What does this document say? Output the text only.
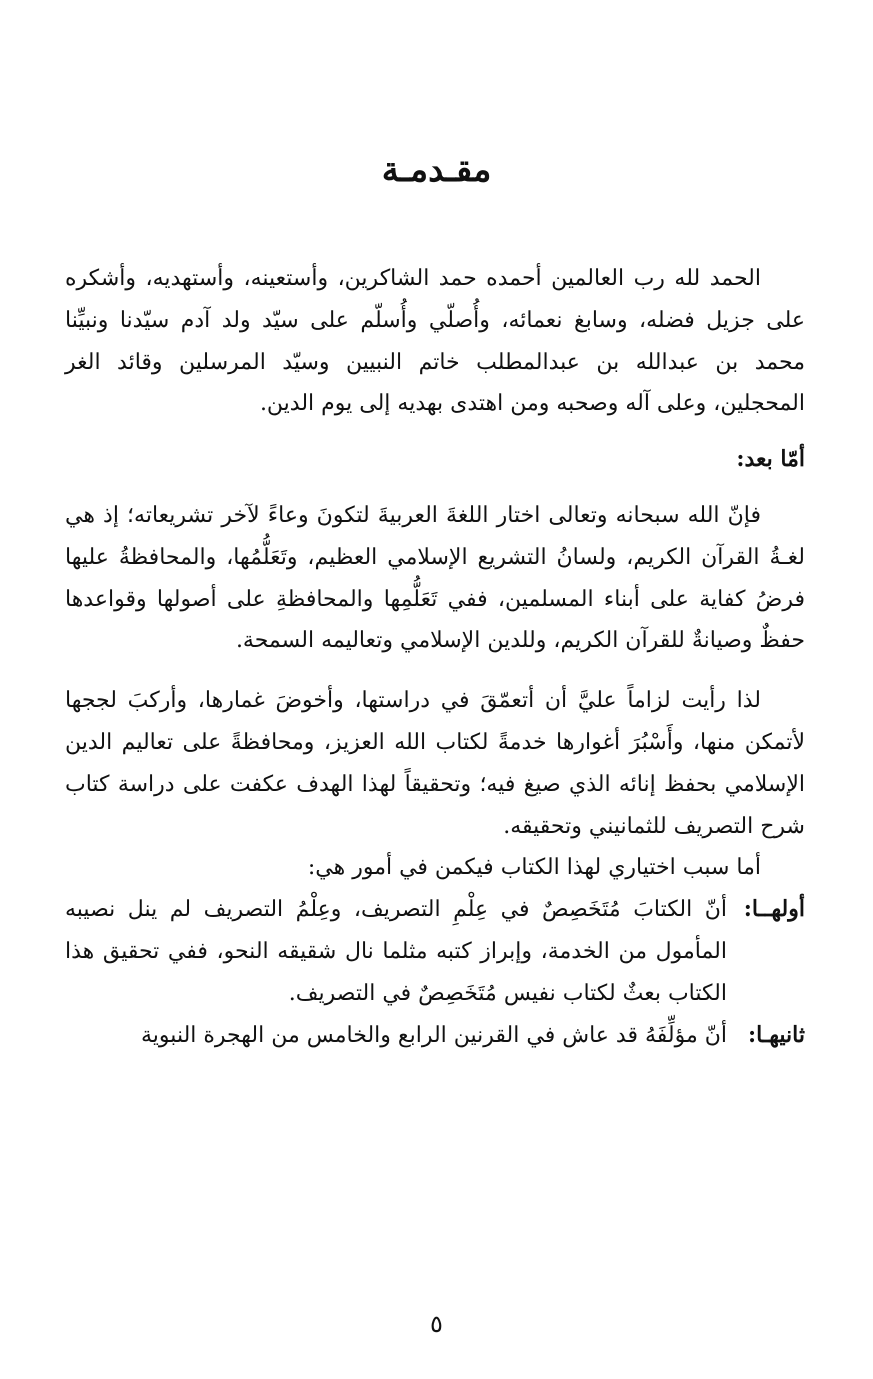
مقـدمـة

الحمد لله رب العالمين أحمده حمد الشاكرين، وأستعينه، وأستهديه، وأشكره على جزيل فضله، وسابغ نعمائه، وأُصلّي وأُسلّم على سيّد ولد آدم سيّدنا ونبيِّنا محمد بن عبدالله بن عبدالمطلب خاتم النبيين وسيّد المرسلين وقائد الغر المحجلين، وعلى آله وصحبه ومن اهتدى بهديه إلى يوم الدين.

أمّا بعد:

فإنّ الله سبحانه وتعالى اختار اللغةَ العربيةَ لتكونَ وعاءً لآخر تشريعاته؛ إذ هي لغـةُ القرآن الكريم، ولسانُ التشريع الإسلامي العظيم، وتَعَلُّمُها، والمحافظةُ عليها فرضُ كفاية على أبناء المسلمين، ففي تَعَلُّمِها والمحافظةِ على أصولها وقواعدها حفظٌ وصيانةٌ للقرآن الكريم، وللدين الإسلامي وتعاليمه السمحة.

لذا رأيت لزاماً عليَّ أن أتعمّقَ في دراستها، وأخوضَ غمارها، وأركبَ لججها لأتمكن منها، وأَسْبُرَ أغوارها خدمةً لكتاب الله العزيز، ومحافظةً على تعاليم الدين الإسلامي بحفظ إنائه الذي صيغ فيه؛ وتحقيقاً لهذا الهدف عكفت على دراسة كتاب شرح التصريف للثمانيني وتحقيقه.

أما سبب اختياري لهذا الكتاب فيكمن في أمور هي:

أولهــا:
أنّ الكتابَ مُتَخَصِصٌ في عِلْمِ التصريف، وعِلْمُ التصريف لم ينل نصيبه المأمول من الخدمة، وإبراز كتبه مثلما نال شقيقه النحو، ففي تحقيق هذا الكتاب بعثٌ لكتاب نفيس مُتَخَصِصٌ في التصريف.

ثانيهـا:
أنّ مؤلِّفَهُ قد عاش في القرنين الرابع والخامس من الهجرة النبوية

٥
